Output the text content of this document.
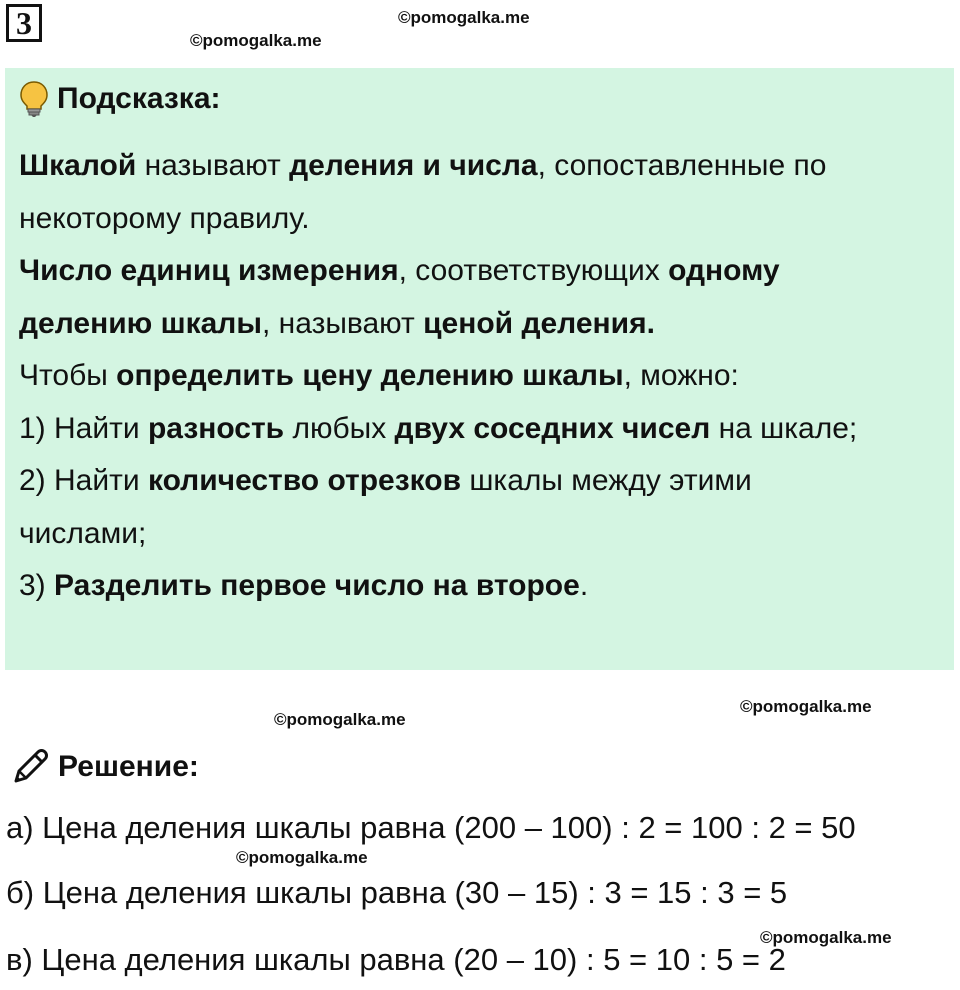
3	©pomogalka.me
©pomogalka.me
Подсказка:
Шкалой называют деления и числа, сопоставленные по
некоторому правилу.
Число единиц измерения, соответствующих одному
делению шкалы, называют ценой деления.
Чтобы определить цену делению шкалы, можно:
1) Найти разность любых двух соседних чисел на шкале;
2) Найти количество отрезков шкалы между этими
числами;
3) Разделить первое число на второе.
©pomogalka.me
©pomogalka.me
Решение:
а) Цена деления шкалы равна (200 – 100) : 2 = 100 : 2 = 50
©pomogalka.me
б) Цена деления шкалы равна (30 – 15) : 3 = 15 : 3 = 5
©pomogalka.me
в) Цена деления шкалы равна (20 – 10) : 5 = 10 : 5 = 2
